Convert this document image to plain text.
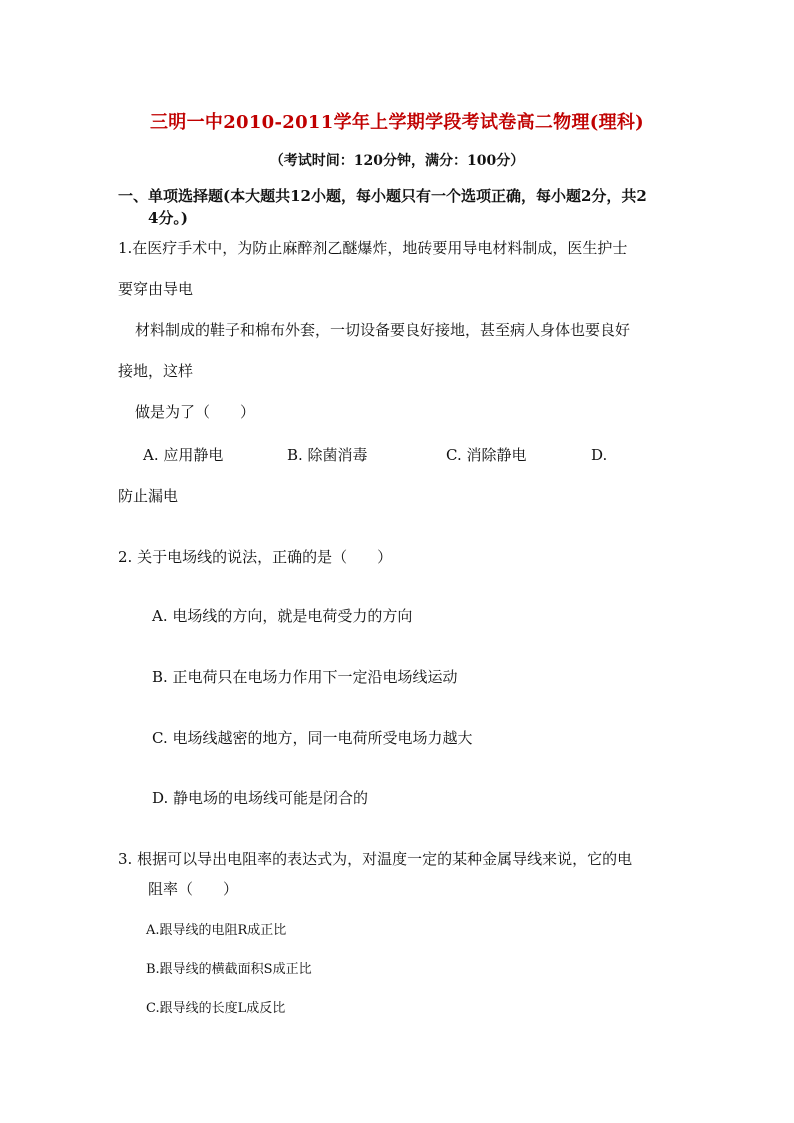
三明一中2010-2011学年上学期学段考试卷高二物理(理科)
（考试时间：120分钟，满分：100分）
一、单项选择题(本大题共12小题，每小题只有一个选项正确，每小题2分，共2
4分。)
1.在医疗手术中，为防止麻醉剂乙醚爆炸，地砖要用导电材料制成，医生护士
要穿由导电
材料制成的鞋子和棉布外套，一切设备要良好接地，甚至病人身体也要良好
接地，这样
做是为了（　　）
A. 应用静电	B. 除菌消毒	C. 消除静电	D.
防止漏电
2. 关于电场线的说法，正确的是（　　）
A. 电场线的方向，就是电荷受力的方向
B. 正电荷只在电场力作用下一定沿电场线运动
C. 电场线越密的地方，同一电荷所受电场力越大
D. 静电场的电场线可能是闭合的
3. 根据可以导出电阻率的表达式为，对温度一定的某种金属导线来说，它的电
阻率（　　）
A.跟导线的电阻R成正比
B.跟导线的横截面积S成正比
C.跟导线的长度L成反比
